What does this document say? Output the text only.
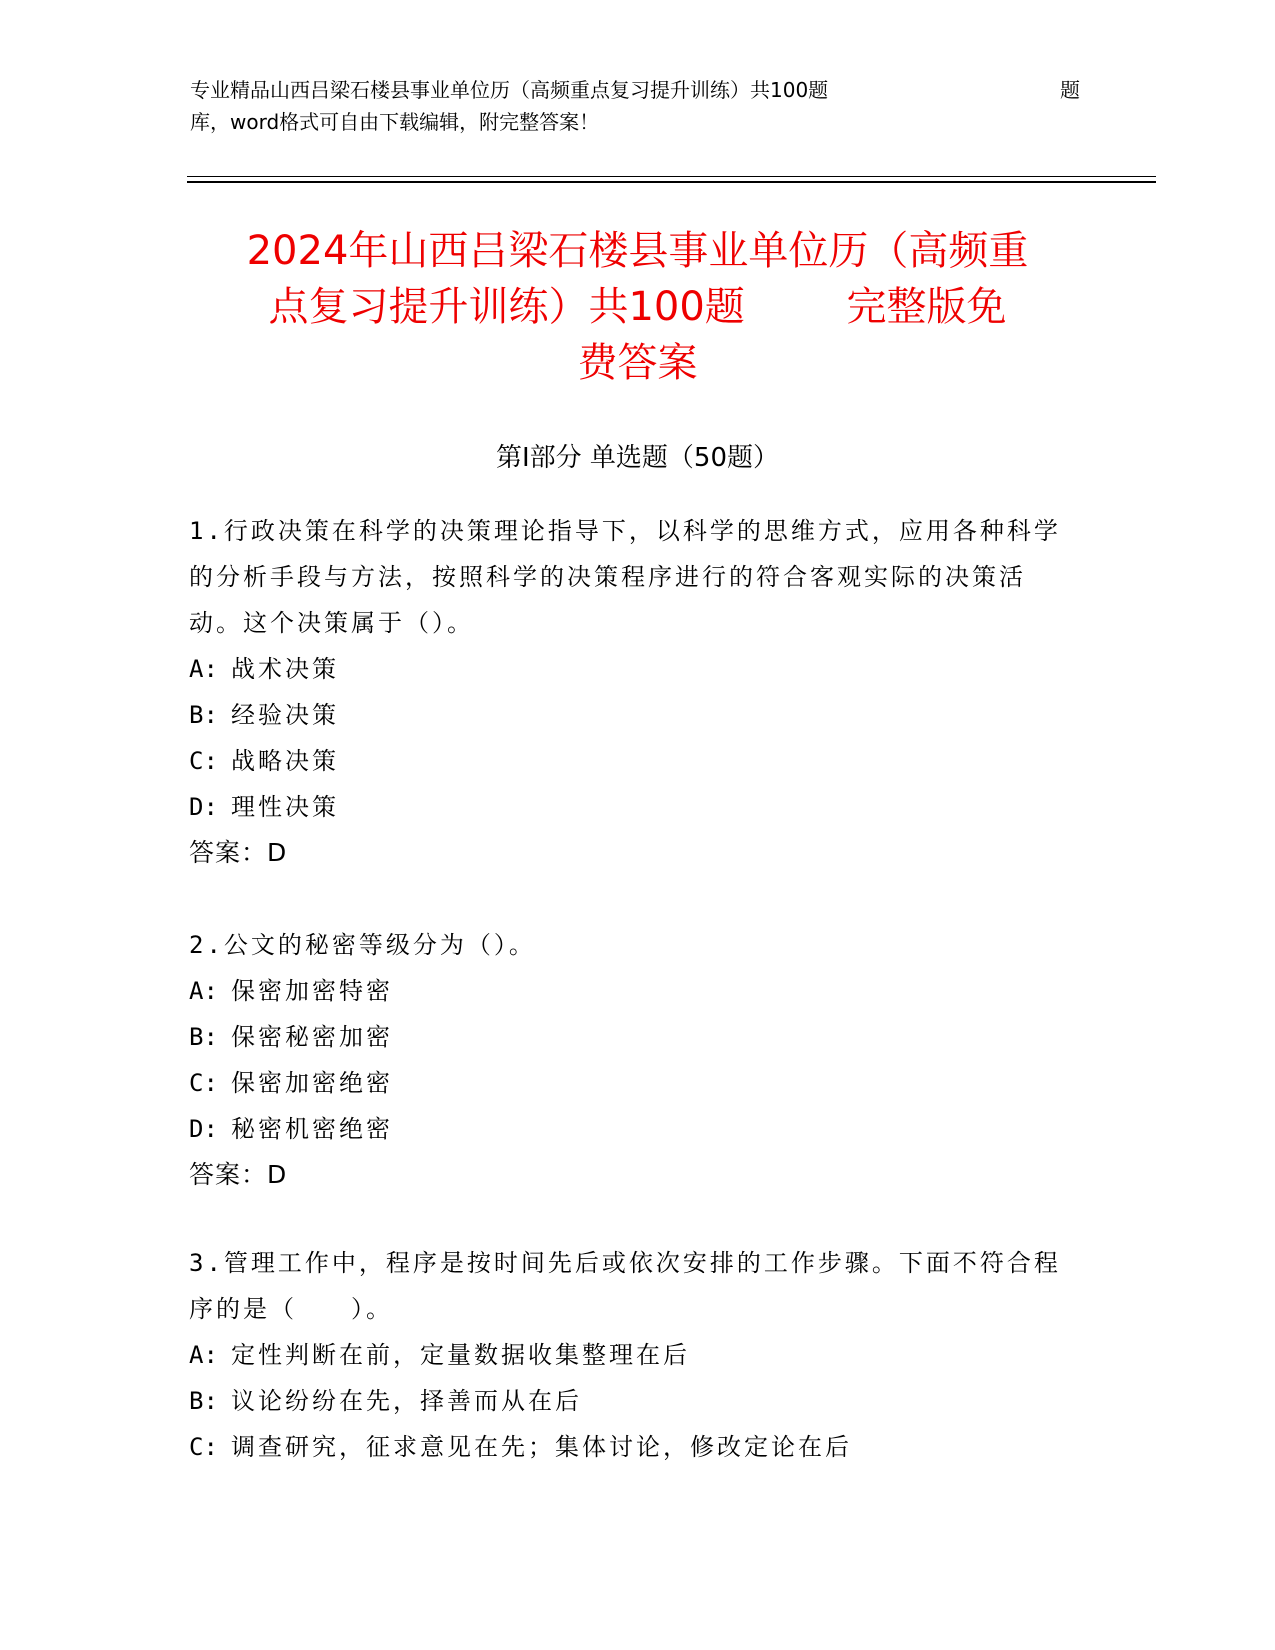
专业精品山西吕梁石楼县事业单位历（高频重点复习提升训练）共100题	题
库，word格式可自由下载编辑，附完整答案！
2024年山西吕梁石楼县事业单位历（高频重
点复习提升训练）共100题        完整版免
费答案
第I部分 单选题（50题）

1.行政决策在科学的决策理论指导下，以科学的思维方式，应用各种科学的分析手段与方法，按照科学的决策程序进行的符合客观实际的决策活动。这个决策属于（）。

A: 战术决策
B: 经验决策
C: 战略决策
D: 理性决策
答案：D

2.公文的秘密等级分为（）。

A: 保密加密特密
B: 保密秘密加密
C: 保密加密绝密
D: 秘密机密绝密
答案：D

3.管理工作中，程序是按时间先后或依次安排的工作步骤。下面不符合程序的是（　　）。

A: 定性判断在前，定量数据收集整理在后
B: 议论纷纷在先，择善而从在后
C: 调查研究，征求意见在先；集体讨论，修改定论在后
